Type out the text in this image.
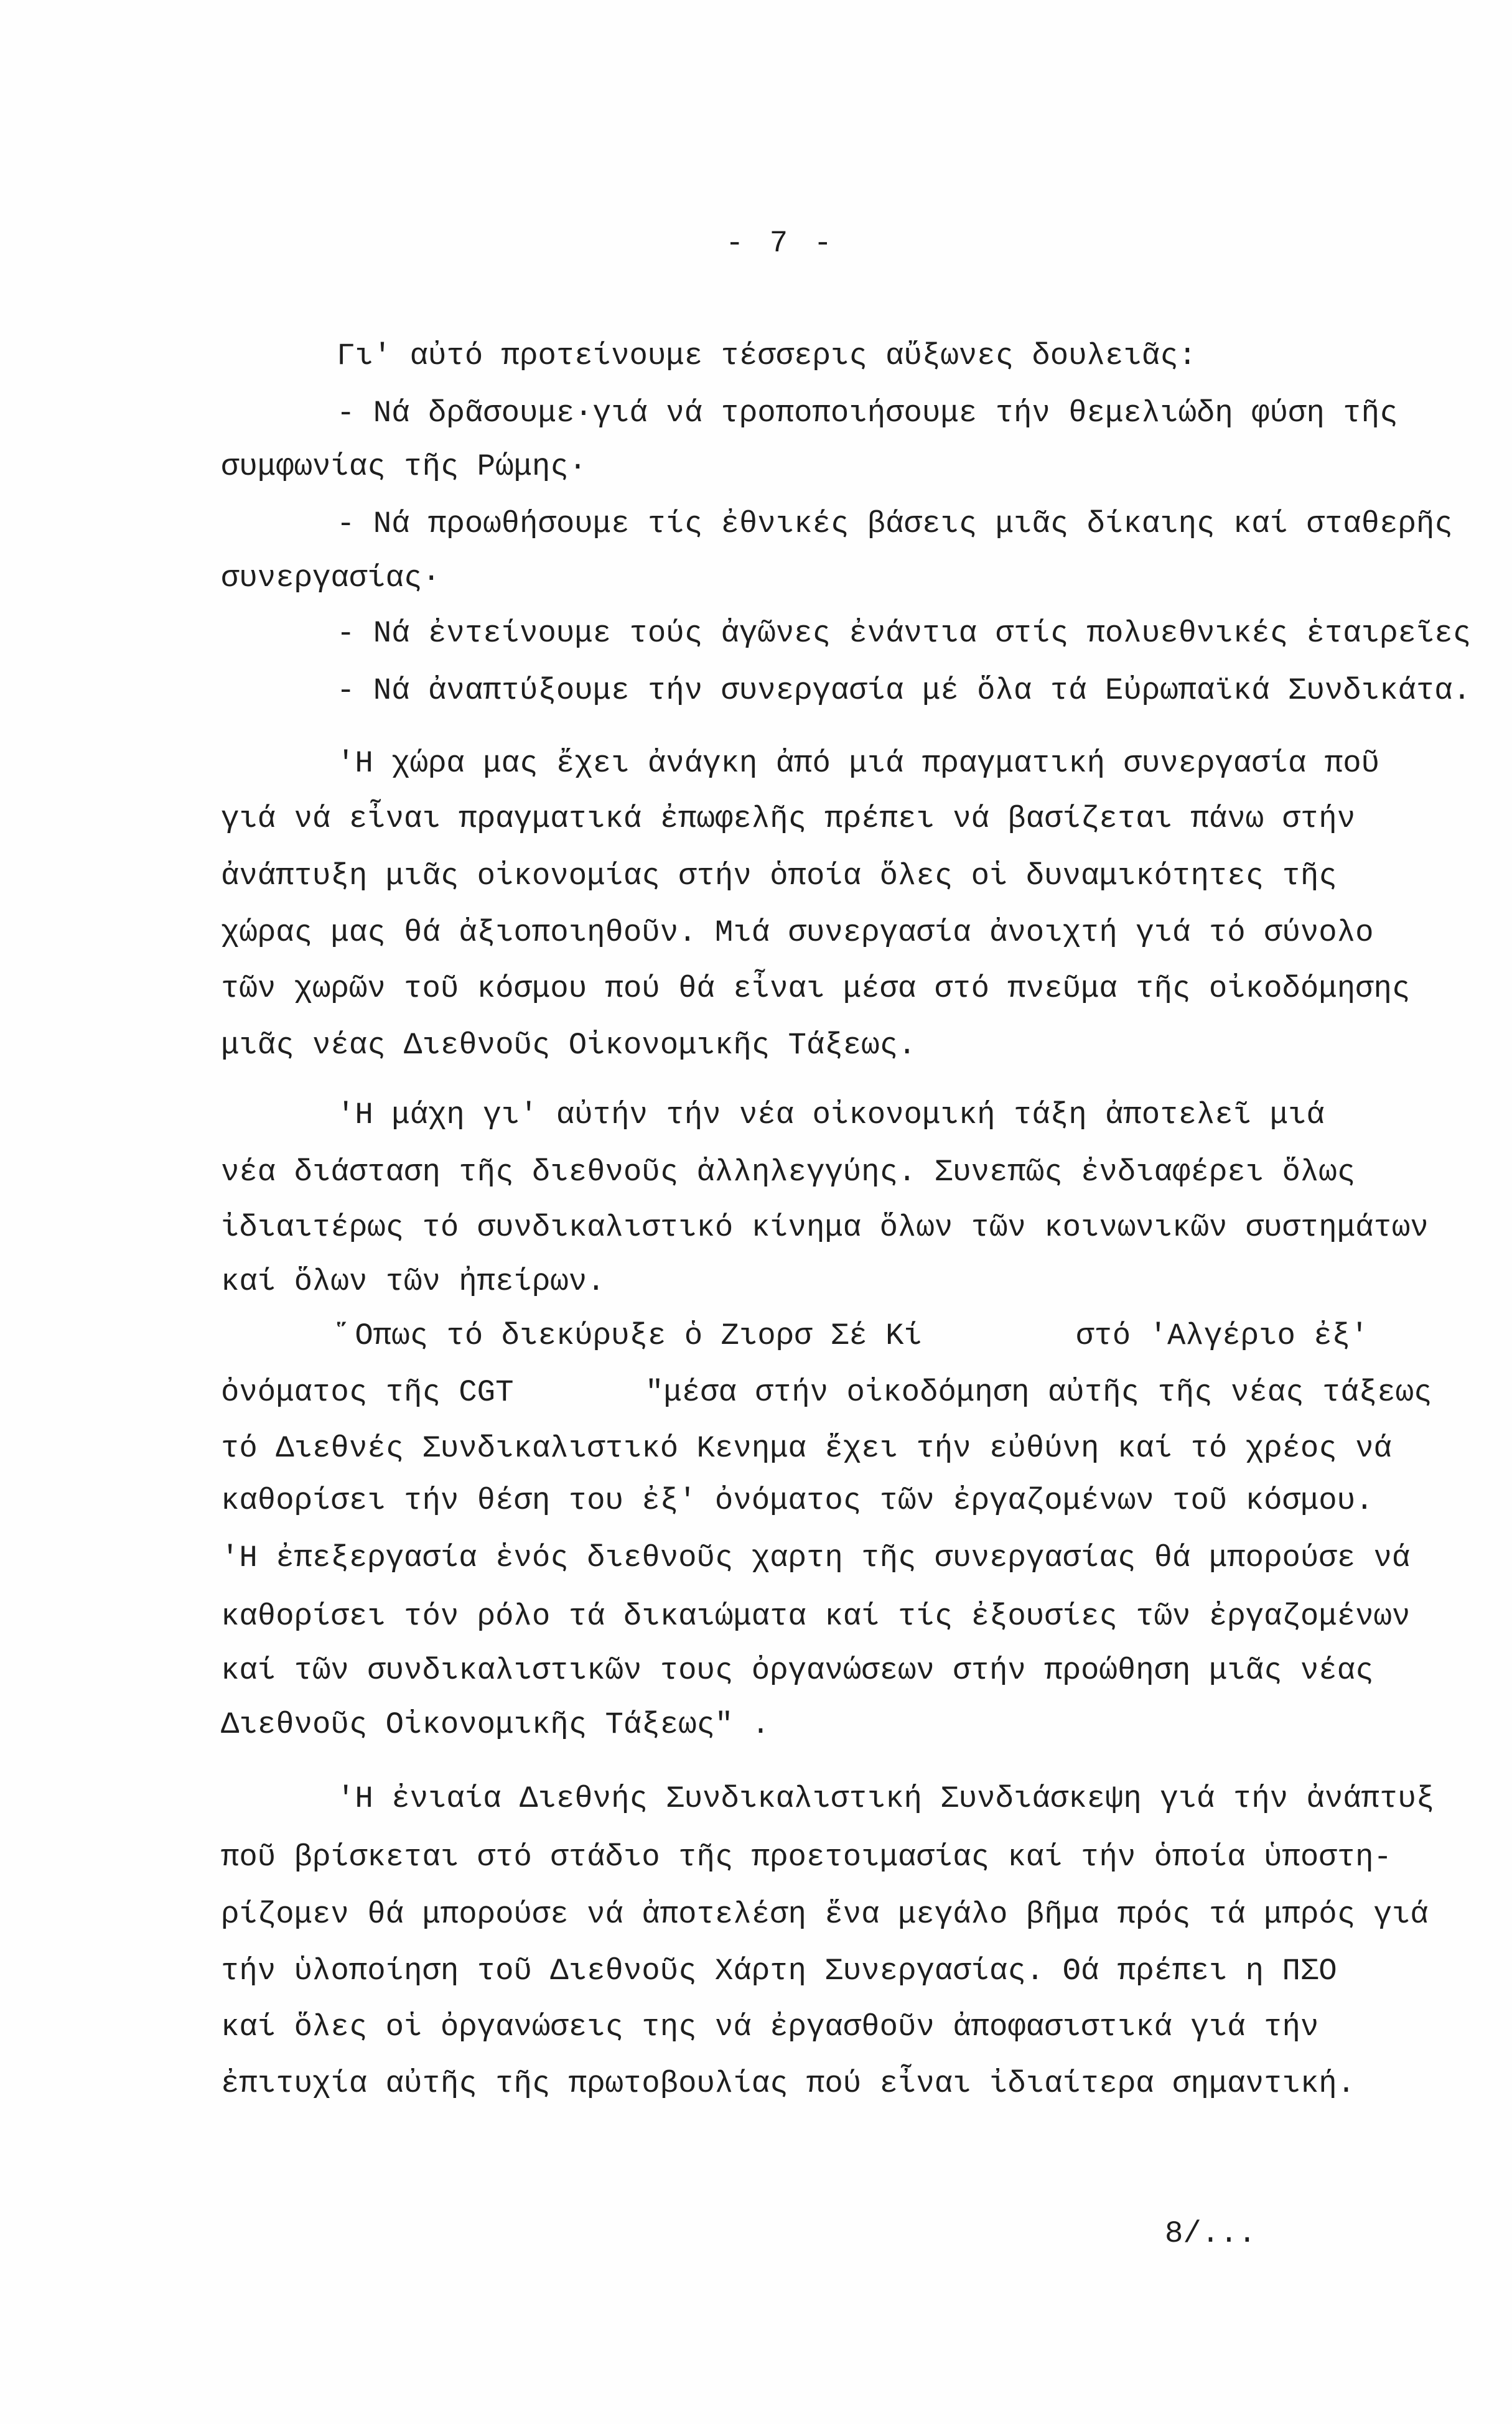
- 7 -
Γι' αὐτό προτείνουμε τέσσερις αὔξωνες δουλειᾶς:
- Νά δρᾶσουμε·γιά νά τροποποιήσουμε τήν θεμελιώδη φύση τῆς
συμφωνίας τῆς Ρώμης·
- Νά προωθήσουμε τίς ἐθνικές βάσεις μιᾶς δίκαιης καί σταθερῆς
συνεργασίας·
- Νά ἐντείνουμε τούς ἀγῶνες ἐνάντια στίς πολυεθνικές ἑταιρεῖες
- Νά ἀναπτύξουμε τήν συνεργασία μέ ὅλα τά Εὐρωπαϊκά Συνδικάτα.
'Η χώρα μας ἔχει ἀνάγκη ἀπό μιά πραγματική συνεργασία ποῦ
γιά νά εἶναι πραγματικά ἐπωφελῆς πρέπει νά βασίζεται πάνω στήν
ἀνάπτυξη μιᾶς οἰκονομίας στήν ὁποία ὅλες οἱ δυναμικότητες τῆς
χώρας μας θά ἀξιοποιηθοῦν. Μιά συνεργασία ἀνοιχτή γιά τό σύνολο
τῶν χωρῶν τοῦ κόσμου πού θά εἶναι μέσα στό πνεῦμα τῆς οἰκοδόμησης
μιᾶς νέας Διεθνοῦς Οἰκονομικῆς Τάξεως.
'Η μάχη γι' αὐτήν τήν νέα οἰκονομική τάξη ἀποτελεῖ μιά
νέα διάσταση τῆς διεθνοῦς ἀλληλεγγύης. Συνεπῶς ἐνδιαφέρει ὅλως
ἰδιαιτέρως τό συνδικαλιστικό κίνημα ὅλων τῶν κοινωνικῶν συστημάτων
καί ὅλων τῶν ἠπείρων.
῞Οπως τό διεκύρυξε ὁ Ζιορσ Σέ Κί	στό 'Αλγέριο ἐξ'
ὀνόματος τῆς CGT	"μέσα στήν οἰκοδόμηση αὐτῆς τῆς νέας τάξεως
τό Διεθνές Συνδικαλιστικό Κενημα ἔχει τήν εὐθύνη καί τό χρέος νά
καθορίσει τήν θέση του ἐξ' ὀνόματος τῶν ἐργαζομένων τοῦ κόσμου.
'Η ἐπεξεργασία ἑνός διεθνοῦς χαρτη τῆς συνεργασίας θά μπορούσε νά
καθορίσει τόν ρόλο τά δικαιώματα καί τίς ἐξουσίες τῶν ἐργαζομένων
καί τῶν συνδικαλιστικῶν τους ὀργανώσεων στήν προώθηση μιᾶς νέας
Διεθνοῦς Οἰκονομικῆς Τάξεως" .
'Η ἐνιαία Διεθνής Συνδικαλιστική Συνδιάσκεψη γιά τήν ἀνάπτυξ
ποῦ βρίσκεται στό στάδιο τῆς προετοιμασίας καί τήν ὁποία ὑποστη-
ρίζομεν θά μπορούσε νά ἀποτελέση ἕνα μεγάλο βῆμα πρός τά μπρός γιά
τήν ὑλοποίηση τοῦ Διεθνοῦς Χάρτη Συνεργασίας. Θά πρέπει η ΠΣΟ
καί ὅλες οἱ ὀργανώσεις της νά ἐργασθοῦν ἀποφασιστικά γιά τήν
ἐπιτυχία αὐτῆς τῆς πρωτοβουλίας πού εἶναι ἰδιαίτερα σημαντική.
8/...
